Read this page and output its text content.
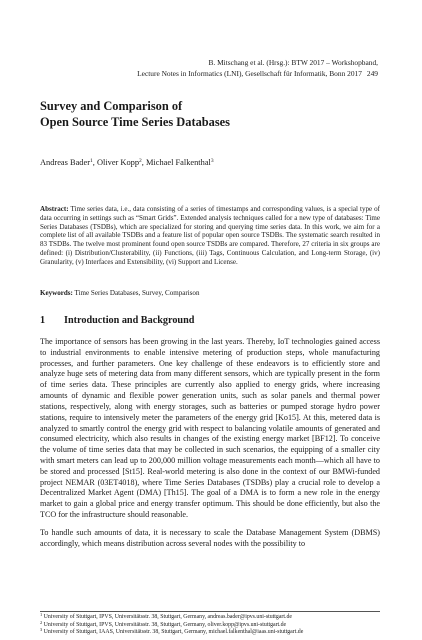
B. Mitschang et al. (Hrsg.): BTW 2017 – Workshopband,
Lecture Notes in Informatics (LNI), Gesellschaft für Informatik, Bonn 2017 249
Survey and Comparison of
Open Source Time Series Databases
Andreas Bader$^1$, Oliver Kopp$^2$, Michael Falkenthal$^3$
Abstract: Time series data, i.e., data consisting of a series of timestamps and corresponding values, is a special type of data occurring in settings such as “Smart Grids”. Extended analysis techniques called for a new type of databases: Time Series Databases (TSDBs), which are specialized for storing and querying time series data. In this work, we aim for a complete list of all available TSDBs and a feature list of popular open source TSDBs. The systematic search resulted in 83 TSDBs. The twelve most prominent found open source TSDBs are compared. Therefore, 27 criteria in six groups are defined: (i) Distribution/Clusterability, (ii) Functions, (iii) Tags, Continuous Calculation, and Long-term Storage, (iv) Granularity, (v) Interfaces and Extensibility, (vi) Support and License.
Keywords: Time Series Databases, Survey, Comparison
1 Introduction and Background

The importance of sensors has been growing in the last years. Thereby, IoT technologies gained access to industrial environments to enable intensive metering of production steps, whole manufacturing processes, and further parameters. One key challenge of these endeavors is to efficiently store and analyze huge sets of metering data from many different sensors, which are typically present in the form of time series data. These principles are currently also applied to energy grids, where increasing amounts of dynamic and flexible power generation units, such as solar panels and thermal power stations, respectively, along with energy storages, such as batteries or pumped storage hydro power stations, require to intensively meter the parameters of the energy grid [Ko15]. At this, metered data is analyzed to smartly control the energy grid with respect to balancing volatile amounts of generated and consumed electricity, which also results in changes of the existing energy market [BF12]. To conceive the volume of time series data that may be collected in such scenarios, the equipping of a smaller city with smart meters can lead up to 200,000 million voltage measurements each month—which all have to be stored and processed [St15]. Real-world metering is also done in the context of our BMWi-funded project NEMAR (03ET4018), where Time Series Databases (TSDBs) play a crucial role to develop a Decentralized Market Agent (DMA) [Th15]. The goal of a DMA is to form a new role in the energy market to gain a global price and energy transfer optimum. This should be done efficiently, but also the TCO for the infrastructure should reasonable.

To handle such amounts of data, it is necessary to scale the Database Management System (DBMS) accordingly, which means distribution across several nodes with the possibility to

$^1$ University of Stuttgart, IPVS, Universitätsstr. 38, Stuttgart, Germany, andreas.bader@ipvs.uni-stuttgart.de
$^2$ University of Stuttgart, IPVS, Universitätsstr. 38, Stuttgart, Germany, oliver.kopp@ipvs.uni-stuttgart.de
$^3$ University of Stuttgart, IAAS, Universitätsstr. 38, Stuttgart, Germany, michael.falkenthal@iaas.uni-stuttgart.de
